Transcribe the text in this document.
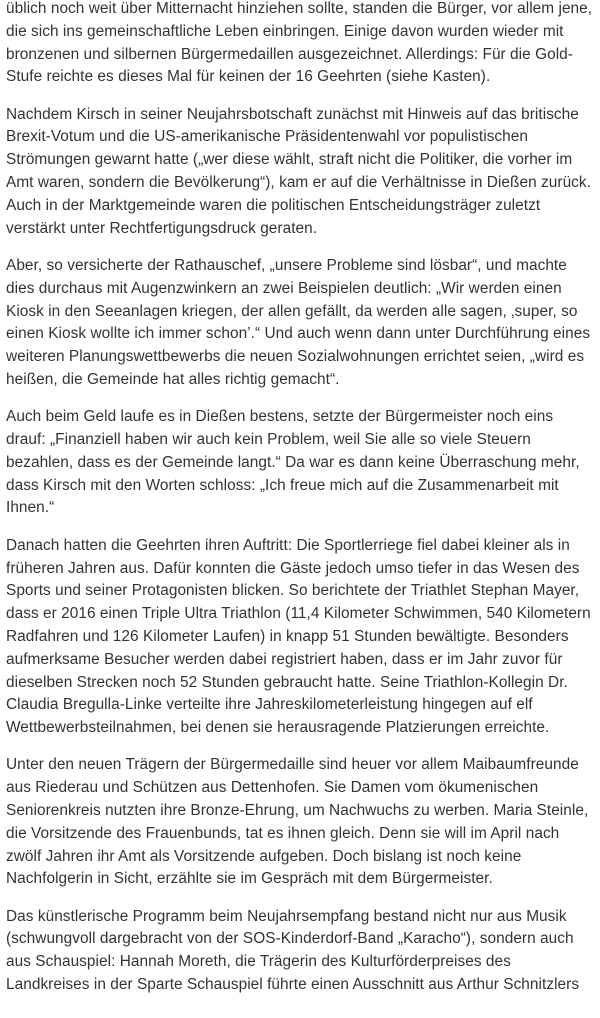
üblich noch weit über Mitternacht hinziehen sollte, standen die Bürger, vor allem jene, die sich ins gemeinschaftliche Leben einbringen. Einige davon wurden wieder mit bronzenen und silbernen Bürgermedaillen ausgezeichnet. Allerdings: Für die Gold-Stufe reichte es dieses Mal für keinen der 16 Geehrten (siehe Kasten).

Nachdem Kirsch in seiner Neujahrsbotschaft zunächst mit Hinweis auf das britische Brexit-Votum und die US-amerikanische Präsidentenwahl vor populistischen Strömungen gewarnt hatte („wer diese wählt, straft nicht die Politiker, die vorher im Amt waren, sondern die Bevölkerung“), kam er auf die Verhältnisse in Dießen zurück. Auch in der Marktgemeinde waren die politischen Entscheidungsträger zuletzt verstärkt unter Rechtfertigungsdruck geraten.

Aber, so versicherte der Rathauschef, „unsere Probleme sind lösbar“, und machte dies durchaus mit Augenzwinkern an zwei Beispielen deutlich: „Wir werden einen Kiosk in den Seeanlagen kriegen, der allen gefällt, da werden alle sagen, ‚super, so einen Kiosk wollte ich immer schon’.“ Und auch wenn dann unter Durchführung eines weiteren Planungswettbewerbs die neuen Sozialwohnungen errichtet seien, „wird es heißen, die Gemeinde hat alles richtig gemacht“.

Auch beim Geld laufe es in Dießen bestens, setzte der Bürgermeister noch eins drauf: „Finanziell haben wir auch kein Problem, weil Sie alle so viele Steuern bezahlen, dass es der Gemeinde langt.“ Da war es dann keine Überraschung mehr, dass Kirsch mit den Worten schloss: „Ich freue mich auf die Zusammenarbeit mit Ihnen.“

Danach hatten die Geehrten ihren Auftritt: Die Sportlerriege fiel dabei kleiner als in früheren Jahren aus. Dafür konnten die Gäste jedoch umso tiefer in das Wesen des Sports und seiner Protagonisten blicken. So berichtete der Triathlet Stephan Mayer, dass er 2016 einen Triple Ultra Triathlon (11,4 Kilometer Schwimmen, 540 Kilometern Radfahren und 126 Kilometer Laufen) in knapp 51 Stunden bewältigte. Besonders aufmerksame Besucher werden dabei registriert haben, dass er im Jahr zuvor für dieselben Strecken noch 52 Stunden gebraucht hatte. Seine Triathlon-Kollegin Dr. Claudia Bregulla-Linke verteilte ihre Jahreskilometerleistung hingegen auf elf Wettbewerbsteilnahmen, bei denen sie herausragende Platzierungen erreichte.

Unter den neuen Trägern der Bürgermedaille sind heuer vor allem Maibaumfreunde aus Riederau und Schützen aus Dettenhofen. Sie Damen vom ökumenischen Seniorenkreis nutzten ihre Bronze-Ehrung, um Nachwuchs zu werben. Maria Steinle, die Vorsitzende des Frauenbunds, tat es ihnen gleich. Denn sie will im April nach zwölf Jahren ihr Amt als Vorsitzende aufgeben. Doch bislang ist noch keine Nachfolgerin in Sicht, erzählte sie im Gespräch mit dem Bürgermeister.

Das künstlerische Programm beim Neujahrsempfang bestand nicht nur aus Musik (schwungvoll dargebracht von der SOS-Kinderdorf-Band „Karacho“), sondern auch aus Schauspiel: Hannah Moreth, die Trägerin des Kulturförderpreises des Landkreises in der Sparte Schauspiel führte einen Ausschnitt aus Arthur Schnitzlers
